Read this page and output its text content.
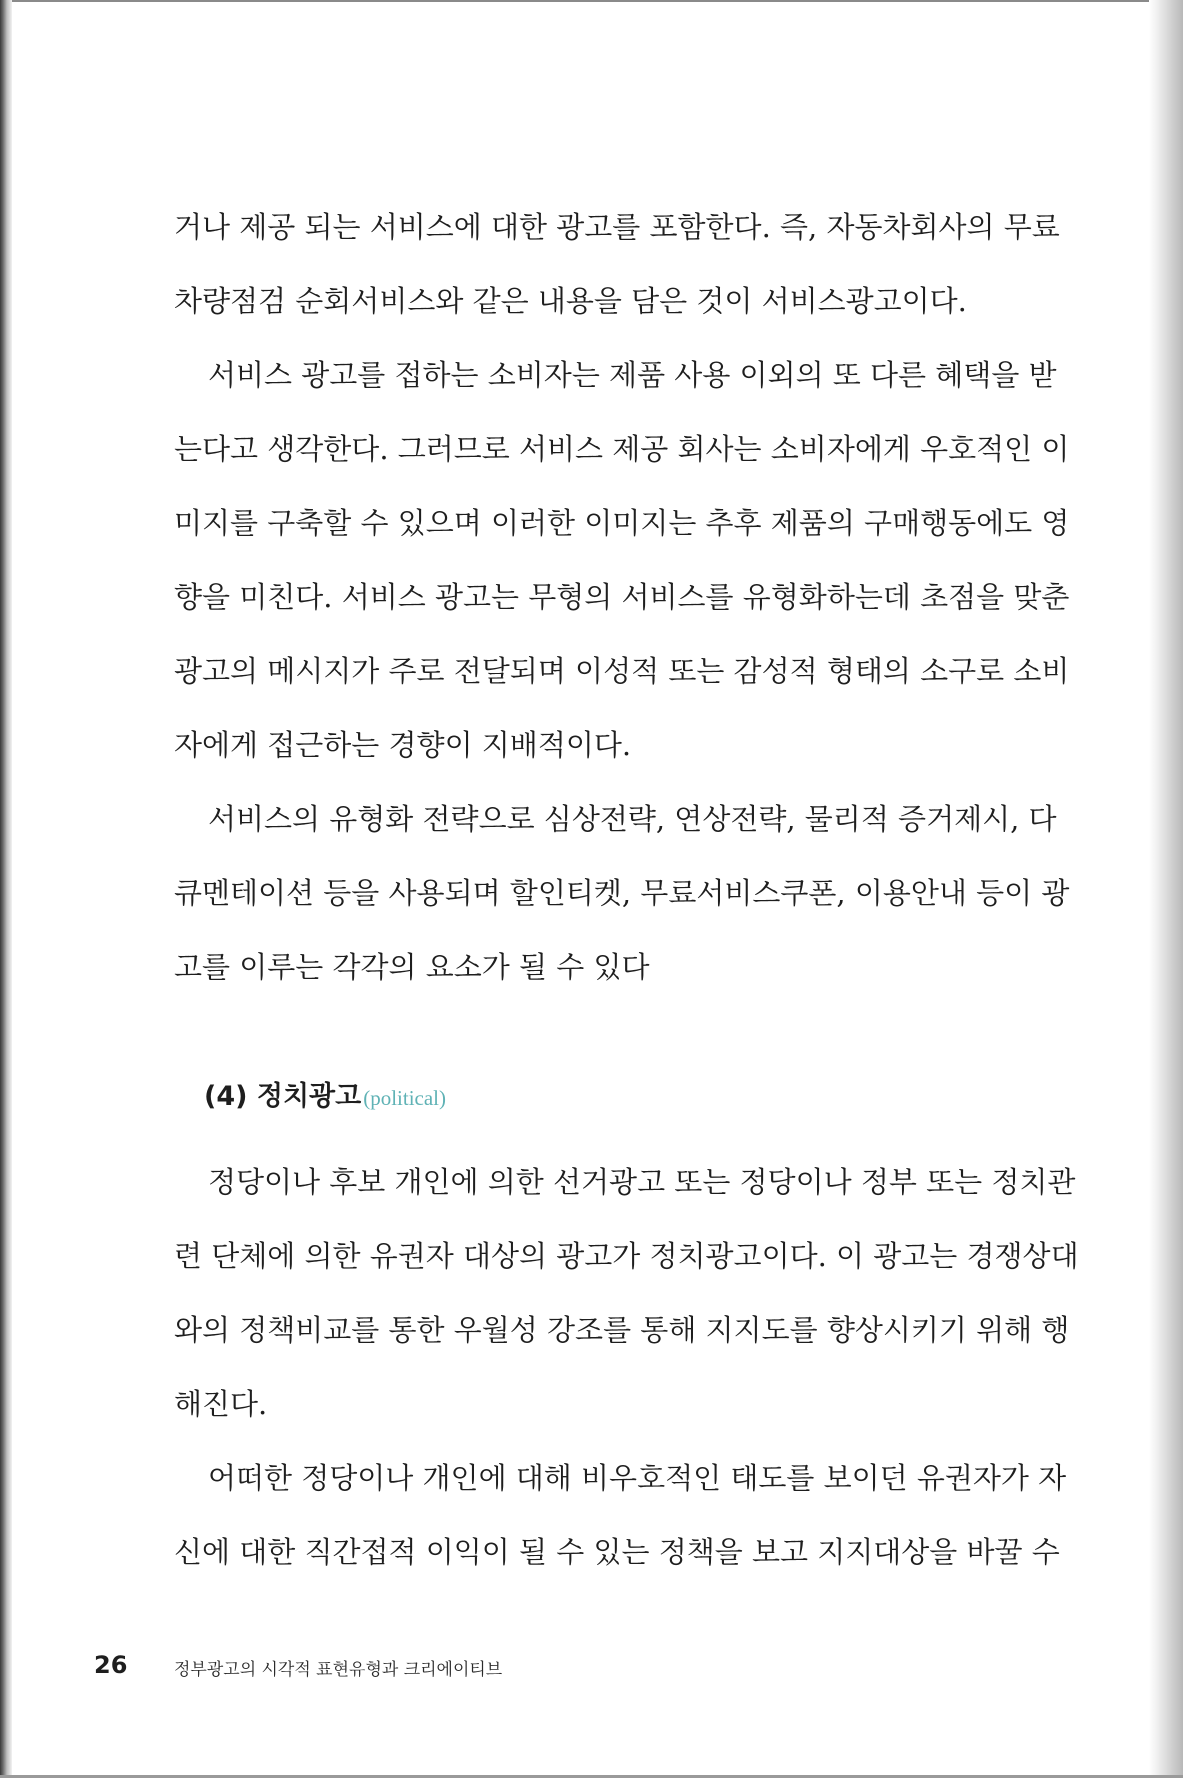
거나 제공 되는 서비스에 대한 광고를 포함한다. 즉, 자동차회사의 무료
차량점검 순회서비스와 같은 내용을 담은 것이 서비스광고이다.
서비스 광고를 접하는 소비자는 제품 사용 이외의 또 다른 혜택을 받
는다고 생각한다. 그러므로 서비스 제공 회사는 소비자에게 우호적인 이
미지를 구축할 수 있으며 이러한 이미지는 추후 제품의 구매행동에도 영
향을 미친다. 서비스 광고는 무형의 서비스를 유형화하는데 초점을 맞춘
광고의 메시지가 주로 전달되며 이성적 또는 감성적 형태의 소구로 소비
자에게 접근하는 경향이 지배적이다.
서비스의 유형화 전략으로 심상전략, 연상전략, 물리적 증거제시, 다
큐멘테이션 등을 사용되며 할인티켓, 무료서비스쿠폰, 이용안내 등이 광
고를 이루는 각각의 요소가 될 수 있다
(4) 정치광고(political)
정당이나 후보 개인에 의한 선거광고 또는 정당이나 정부 또는 정치관
련 단체에 의한 유권자 대상의 광고가 정치광고이다. 이 광고는 경쟁상대
와의 정책비교를 통한 우월성 강조를 통해 지지도를 향상시키기 위해 행
해진다.
어떠한 정당이나 개인에 대해 비우호적인 태도를 보이던 유권자가 자
신에 대한 직간접적 이익이 될 수 있는 정책을 보고 지지대상을 바꿀 수
26	정부광고의 시각적 표현유형과 크리에이티브
